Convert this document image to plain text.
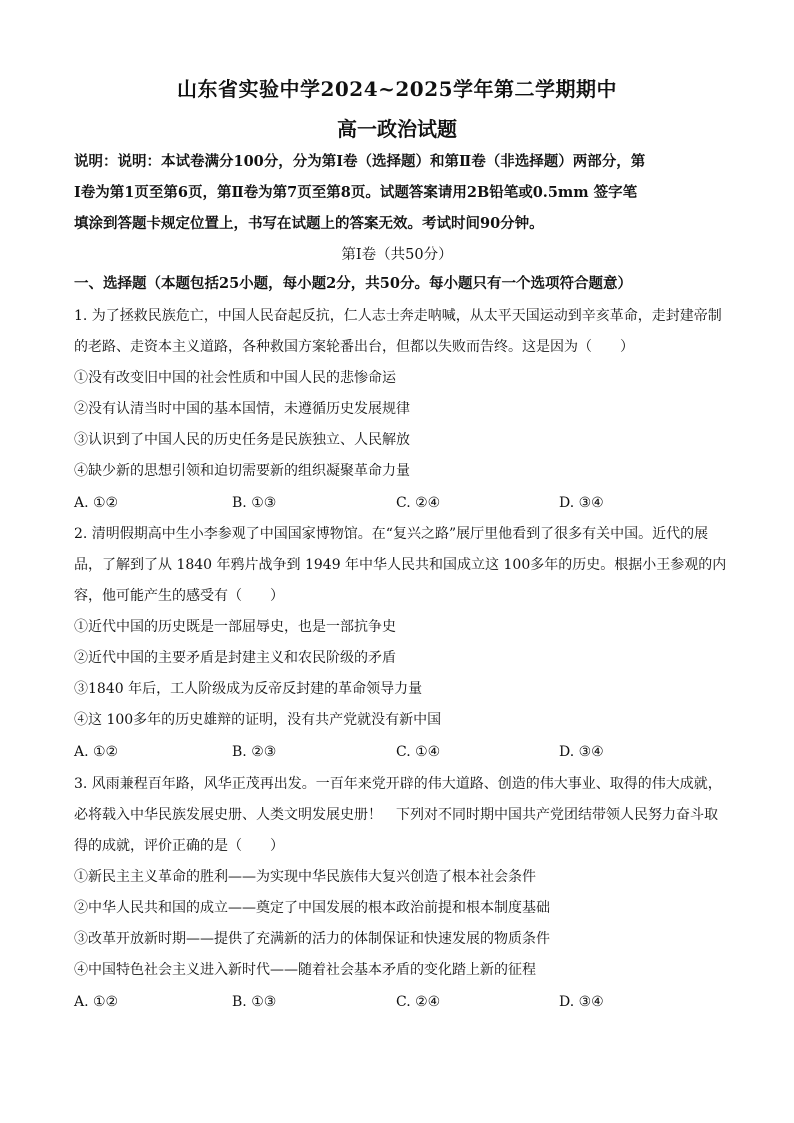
山东省实验中学2024~2025学年第二学期期中
高一政治试题
说明：说明：本试卷满分100分，分为第Ⅰ卷（选择题）和第Ⅱ卷（非选择题）两部分，第
Ⅰ卷为第1页至第6页，第Ⅱ卷为第7页至第8页。试题答案请用2B铅笔或0.5mm 签字笔
填涂到答题卡规定位置上，书写在试题上的答案无效。考试时间90分钟。
第Ⅰ卷（共50分）
一、选择题（本题包括25小题，每小题2分，共50分。每小题只有一个选项符合题意）
1. 为了拯救民族危亡，中国人民奋起反抗，仁人志士奔走呐喊，从太平天国运动到辛亥革命，走封建帝制
的老路、走资本主义道路，各种救国方案轮番出台，但都以失败而告终。这是因为（　　）
①没有改变旧中国的社会性质和中国人民的悲惨命运
②没有认清当时中国的基本国情，未遵循历史发展规律
③认识到了中国人民的历史任务是民族独立、人民解放
④缺少新的思想引领和迫切需要新的组织凝聚革命力量
A. ①②	B. ①③	C. ②④	D. ③④
2. 清明假期高中生小李参观了中国国家博物馆。在“复兴之路”展厅里他看到了很多有关中国。近代的展
品，了解到了从 1840 年鸦片战争到 1949 年中华人民共和国成立这 100多年的历史。根据小王参观的内
容，他可能产生的感受有（　　）
①近代中国的历史既是一部屈辱史，也是一部抗争史
②近代中国的主要矛盾是封建主义和农民阶级的矛盾
③1840 年后，工人阶级成为反帝反封建的革命领导力量
④这 100多年的历史雄辩的证明，没有共产党就没有新中国
A. ①②	B. ②③	C. ①④	D. ③④
3. 风雨兼程百年路，风华正茂再出发。一百年来党开辟的伟大道路、创造的伟大事业、取得的伟大成就，
必将载入中华民族发展史册、人类文明发展史册！　下列对不同时期中国共产党团结带领人民努力奋斗取
得的成就，评价正确的是（　　）
①新民主主义革命的胜利——为实现中华民族伟大复兴创造了根本社会条件
②中华人民共和国的成立——奠定了中国发展的根本政治前提和根本制度基础
③改革开放新时期——提供了充满新的活力的体制保证和快速发展的物质条件
④中国特色社会主义进入新时代——随着社会基本矛盾的变化踏上新的征程
A. ①②	B. ①③	C. ②④	D. ③④
